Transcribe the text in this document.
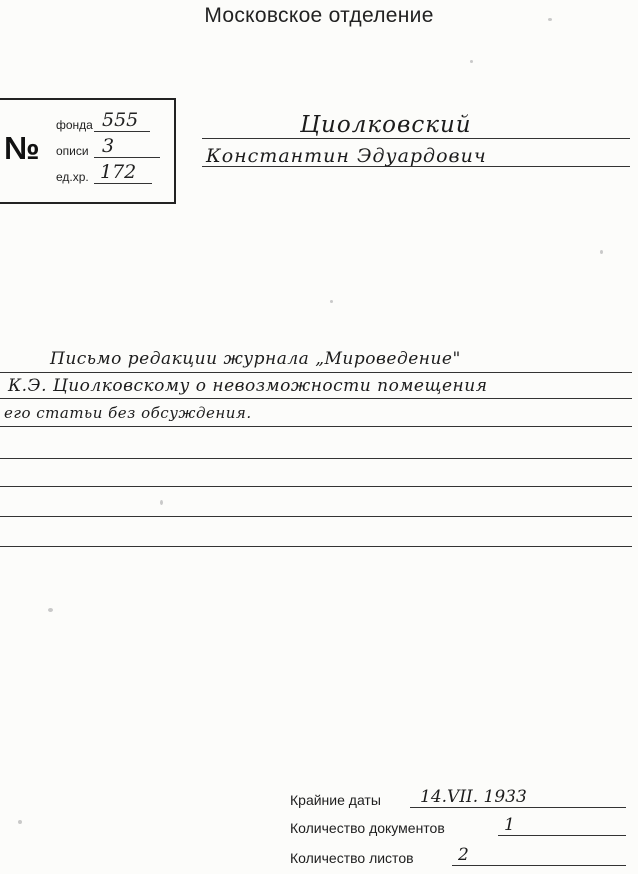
Московское отделение
№
фонда 555
описи 3
ед.хр. 172
Циолковский
Константин Эдуардович
Письмо редакции журнала „Мироведение"
К.Э. Циолковскому о невозможности помещения
его статьи без обсуждения.
Крайние даты 14.VII. 1933
Количество документов	1
Количество листов	2
